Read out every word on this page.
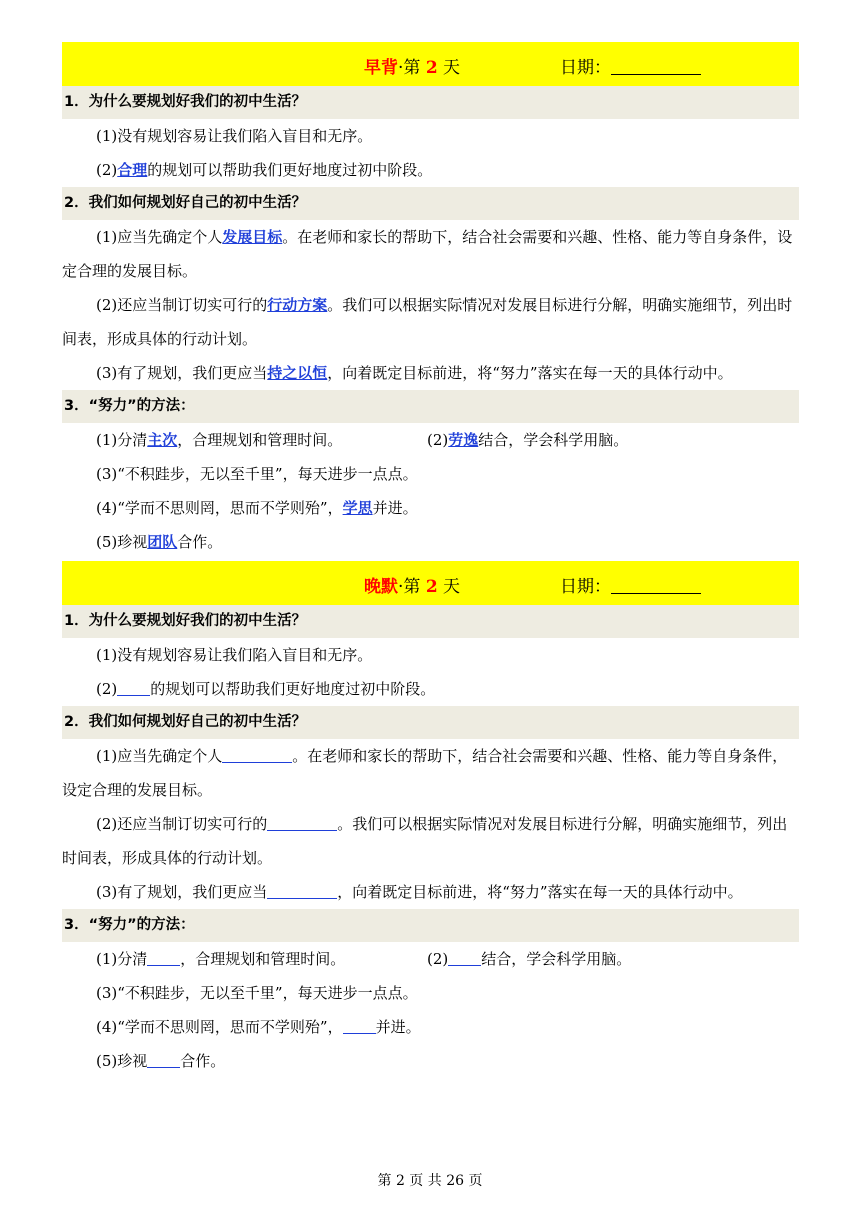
早背·第 2 天	日期：
1．为什么要规划好我们的初中生活？

(1)没有规划容易让我们陷入盲目和无序。

(2)合理的规划可以帮助我们更好地度过初中阶段。

2．我们如何规划好自己的初中生活？

(1)应当先确定个人发展目标。在老师和家长的帮助下，结合社会需要和兴趣、性格、能力等自身条件，设定合理的发展目标。

(2)还应当制订切实可行的行动方案。我们可以根据实际情况对发展目标进行分解，明确实施细节，列出时间表，形成具体的行动计划。

(3)有了规划，我们更应当持之以恒，向着既定目标前进，将“努力”落实在每一天的具体行动中。

3．“努力”的方法：

(1)分清主次，合理规划和管理时间。	(2)劳逸结合，学会科学用脑。

(3)“不积跬步，无以至千里”，每天进步一点点。

(4)“学而不思则罔，思而不学则殆”，学思并进。

(5)珍视团队合作。

晚默·第 2 天	日期：
1．为什么要规划好我们的初中生活？

(1)没有规划容易让我们陷入盲目和无序。

(2) 的规划可以帮助我们更好地度过初中阶段。

2．我们如何规划好自己的初中生活？

(1)应当先确定个人	。在老师和家长的帮助下，结合社会需要和兴趣、性格、能力等自身条件，设定合理的发展目标。

(2)还应当制订切实可行的	。我们可以根据实际情况对发展目标进行分解，明确实施细节，列出时间表，形成具体的行动计划。

(3)有了规划，我们更应当	，向着既定目标前进，将“努力”落实在每一天的具体行动中。

3．“努力”的方法：

(1)分清 ，合理规划和管理时间。	(2) 结合，学会科学用脑。

(3)“不积跬步，无以至千里”，每天进步一点点。

(4)“学而不思则罔，思而不学则殆”， 并进。

(5)珍视 合作。

第 2 页 共 26 页
